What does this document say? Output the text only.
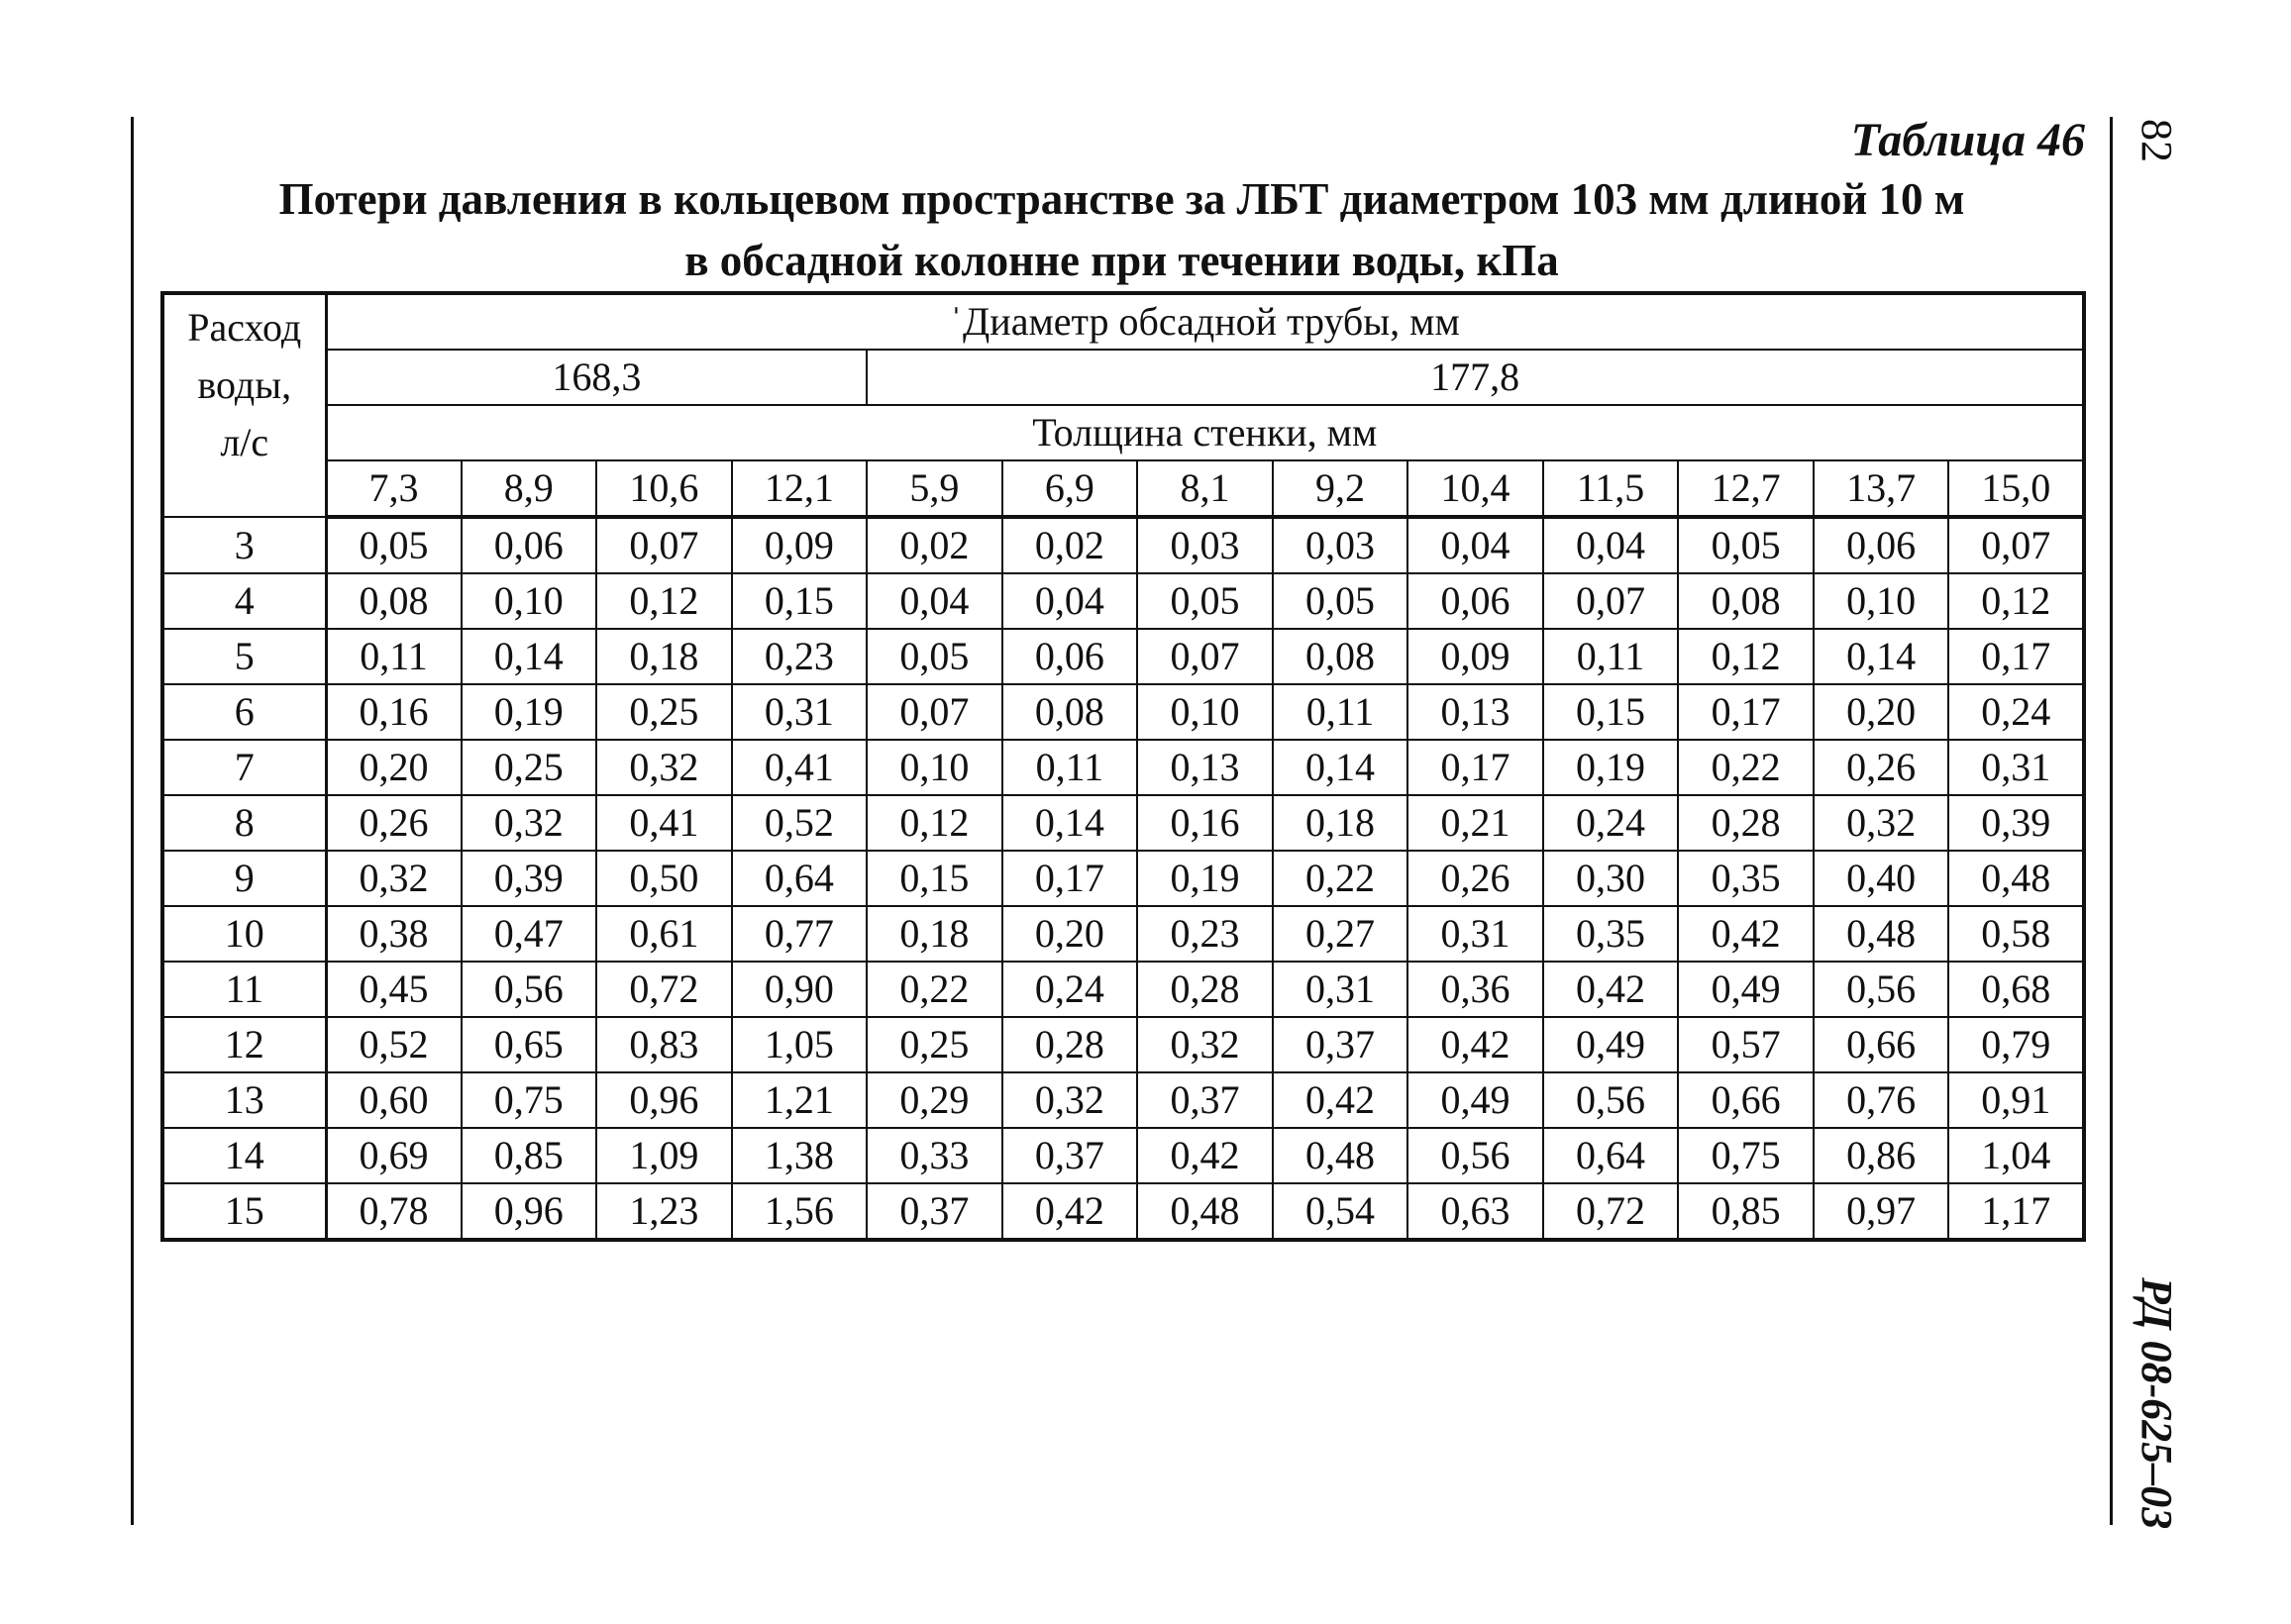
Таблица 46
Потери давления в кольцевом пространстве за ЛБТ диаметром 103 мм длиной 10 м
в обсадной колонне при течении воды, кПа
82
РД 08-625–03
Расход
воды,
л/с	ˈДиаметр обсадной трубы, мм												
	168,3				177,8								
	Толщина стенки, мм												
	7,3	8,9	10,6	12,1	5,9	6,9	8,1	9,2	10,4	11,5	12,7	13,7	15,0
3	0,05	0,06	0,07	0,09	0,02	0,02	0,03	0,03	0,04	0,04	0,05	0,06	0,07
4	0,08	0,10	0,12	0,15	0,04	0,04	0,05	0,05	0,06	0,07	0,08	0,10	0,12
5	0,11	0,14	0,18	0,23	0,05	0,06	0,07	0,08	0,09	0,11	0,12	0,14	0,17
6	0,16	0,19	0,25	0,31	0,07	0,08	0,10	0,11	0,13	0,15	0,17	0,20	0,24
7	0,20	0,25	0,32	0,41	0,10	0,11	0,13	0,14	0,17	0,19	0,22	0,26	0,31
8	0,26	0,32	0,41	0,52	0,12	0,14	0,16	0,18	0,21	0,24	0,28	0,32	0,39
9	0,32	0,39	0,50	0,64	0,15	0,17	0,19	0,22	0,26	0,30	0,35	0,40	0,48
10	0,38	0,47	0,61	0,77	0,18	0,20	0,23	0,27	0,31	0,35	0,42	0,48	0,58
11	0,45	0,56	0,72	0,90	0,22	0,24	0,28	0,31	0,36	0,42	0,49	0,56	0,68
12	0,52	0,65	0,83	1,05	0,25	0,28	0,32	0,37	0,42	0,49	0,57	0,66	0,79
13	0,60	0,75	0,96	1,21	0,29	0,32	0,37	0,42	0,49	0,56	0,66	0,76	0,91
14	0,69	0,85	1,09	1,38	0,33	0,37	0,42	0,48	0,56	0,64	0,75	0,86	1,04
15	0,78	0,96	1,23	1,56	0,37	0,42	0,48	0,54	0,63	0,72	0,85	0,97	1,17
